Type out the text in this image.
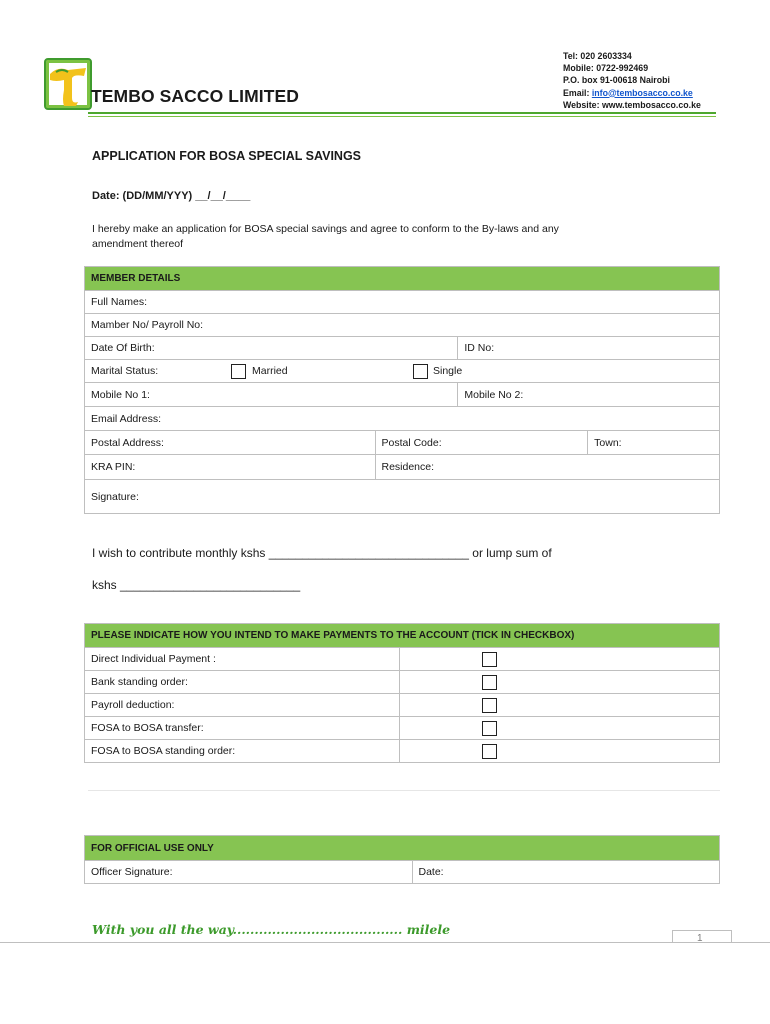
TEMBO SACCO LIMITED
Tel: 020 2603334
Mobile: 0722-992469
P.O. box 91-00618 Nairobi
Email: info@tembosacco.co.ke
Website: www.tembosacco.co.ke
APPLICATION FOR BOSA SPECIAL SAVINGS
Date: (DD/MM/YYY) __/__/____
I hereby make an application for BOSA special savings and agree to conform to the By-laws and any amendment thereof
MEMBER DETAILS			
Full Names:			
Mamber No/ Payroll No:			
Date Of Birth:		ID No:	
Marital Status: Married Single			

Mobile No 1:		Mobile No 2:	
Email Address:			
Postal Address:	Postal Code:		Town:
KRA PIN:	Residence:		
Signature:			
I wish to contribute monthly kshs ______________________________ or lump sum of
kshs ___________________________
PLEASE INDICATE HOW YOU INTEND TO MAKE PAYMENTS TO THE ACCOUNT (TICK IN CHECKBOX)	
Direct Individual Payment :	
Bank standing order:	
Payroll deduction:	
FOSA to BOSA transfer:	
FOSA to BOSA standing order:	
FOR OFFICIAL USE ONLY
Officer Signature:	Date:
With you all the way....................................... milele
1
